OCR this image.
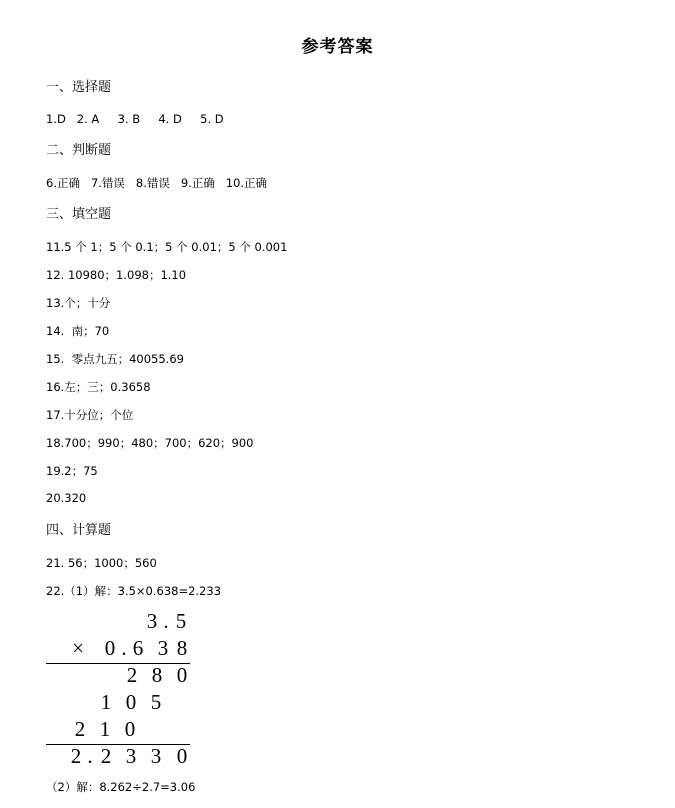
参考答案
一、选择题
1.D   2. A     3. B     4. D     5. D
二、判断题
6.正确   7.错误   8.错误   9.正确   10.正确
三、填空题
11.5 个 1；5 个 0.1；5 个 0.01；5 个 0.001
12. 10980；1.098；1.10
13.个；十分
14.  南；70
15.  零点九五；40055.69
16.左；三；0.3658
17.十分位；个位
18.700；990；480；700；620；900
19.2；75
20.320
四、计算题
21. 56；1000；560
22.（1）解：3.5×0.638=2.233
3 . 5
× 0 . 6 3 8
2 8 0
1 0 5
2 1 0
2 . 2 3 3 0
（2）解：8.262÷2.7=3.06
